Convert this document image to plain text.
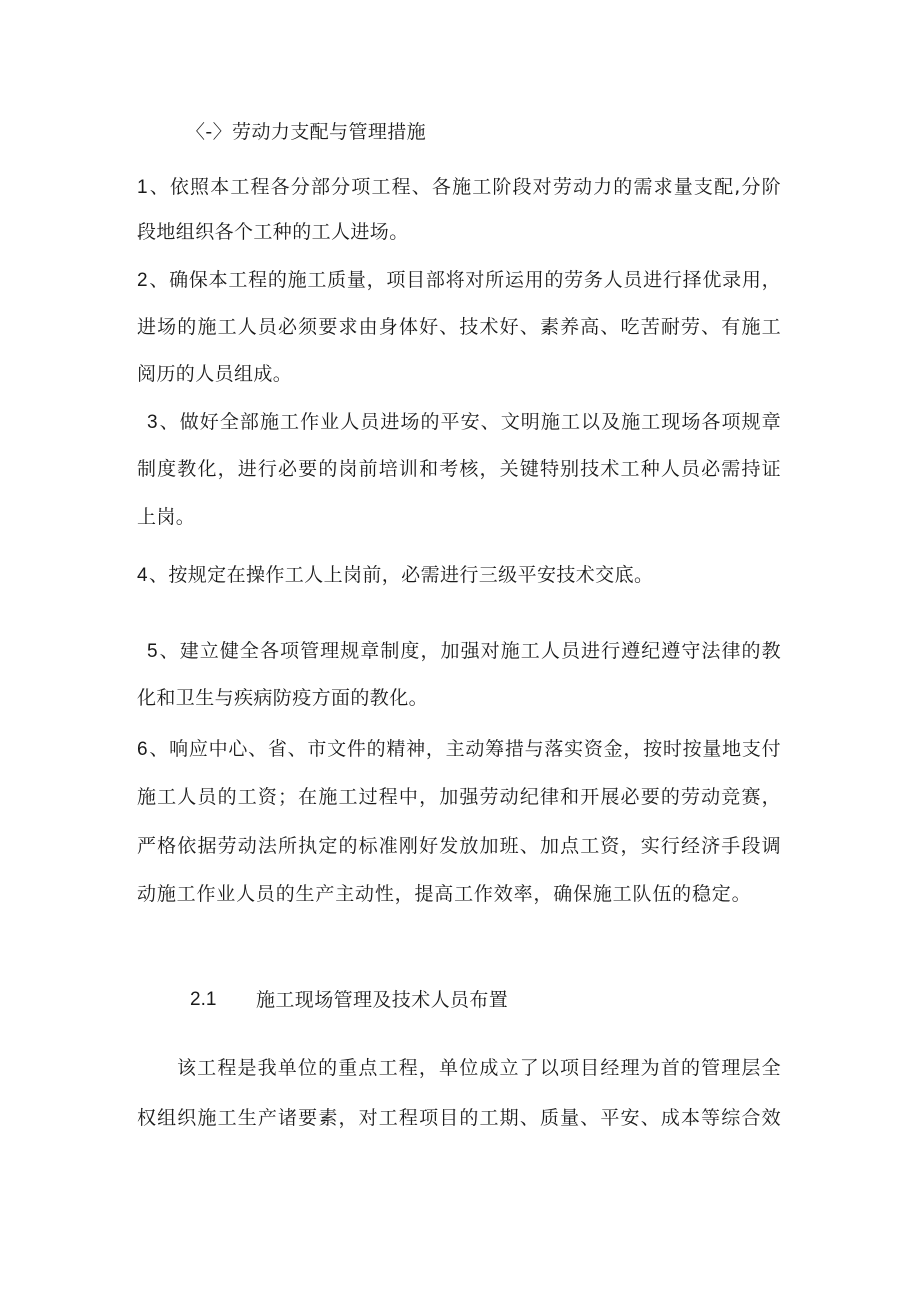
〈-〉劳动力支配与管理措施
1、依照本工程各分部分项工程、各施工阶段对劳动力的需求量支配,分阶
段地组织各个工种的工人进场。
2、确保本工程的施工质量，项目部将对所运用的劳务人员进行择优录用，
进场的施工人员必须要求由身体好、技术好、素养高、吃苦耐劳、有施工
阅历的人员组成。
3、做好全部施工作业人员进场的平安、文明施工以及施工现场各项规章
制度教化，进行必要的岗前培训和考核，关键特别技术工种人员必需持证
上岗。
4、按规定在操作工人上岗前，必需进行三级平安技术交底。
5、建立健全各项管理规章制度，加强对施工人员进行遵纪遵守法律的教
化和卫生与疾病防疫方面的教化。
6、响应中心、省、市文件的精神，主动筹措与落实资金，按时按量地支付
施工人员的工资；在施工过程中，加强劳动纪律和开展必要的劳动竞赛，
严格依据劳动法所执定的标准刚好发放加班、加点工资，实行经济手段调
动施工作业人员的生产主动性，提高工作效率，确保施工队伍的稳定。
2.1 施工现场管理及技术人员布置
该工程是我单位的重点工程，单位成立了以项目经理为首的管理层全
权组织施工生产诸要素，对工程项目的工期、质量、平安、成本等综合效
